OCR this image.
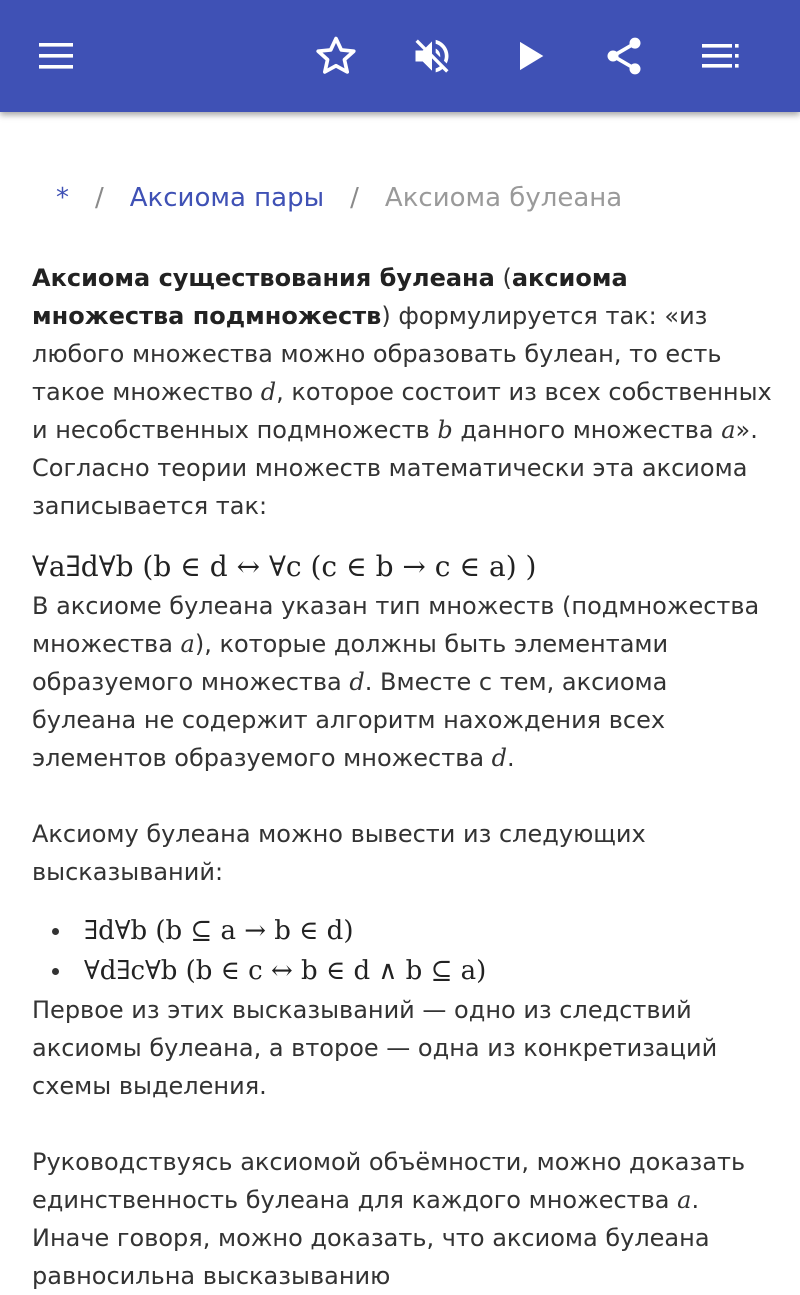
* / Аксиома пары / Аксиома булеана

Аксиома существования булеана (аксиома множества подмножеств) формулируется так: «из любого множества можно образовать булеан, то есть такое множество d, которое состоит из всех собственных и несобственных подмножеств b данного множества a». Согласно теории множеств математически эта аксиома записывается так:

∀a∃d∀b (b ∈ d ↔ ∀c (c ∈ b → c ∈ a) )

В аксиоме булеана указан тип множеств (подмножества множества a), которые должны быть элементами образуемого множества d. Вместе с тем, аксиома булеана не содержит алгоритм нахождения всех элементов образуемого множества d.

Аксиому булеана можно вывести из следующих высказываний:

∃d∀b (b ⊆ a → b ∈ d)
∀d∃c∀b (b ∈ c ↔ b ∈ d ∧ b ⊆ a)

Первое из этих высказываний — одно из следствий аксиомы булеана, а второе — одна из конкретизаций схемы выделения.

Руководствуясь аксиомой объёмности, можно доказать единственность булеана для каждого множества a. Иначе говоря, можно доказать, что аксиома булеана равносильна высказыванию
